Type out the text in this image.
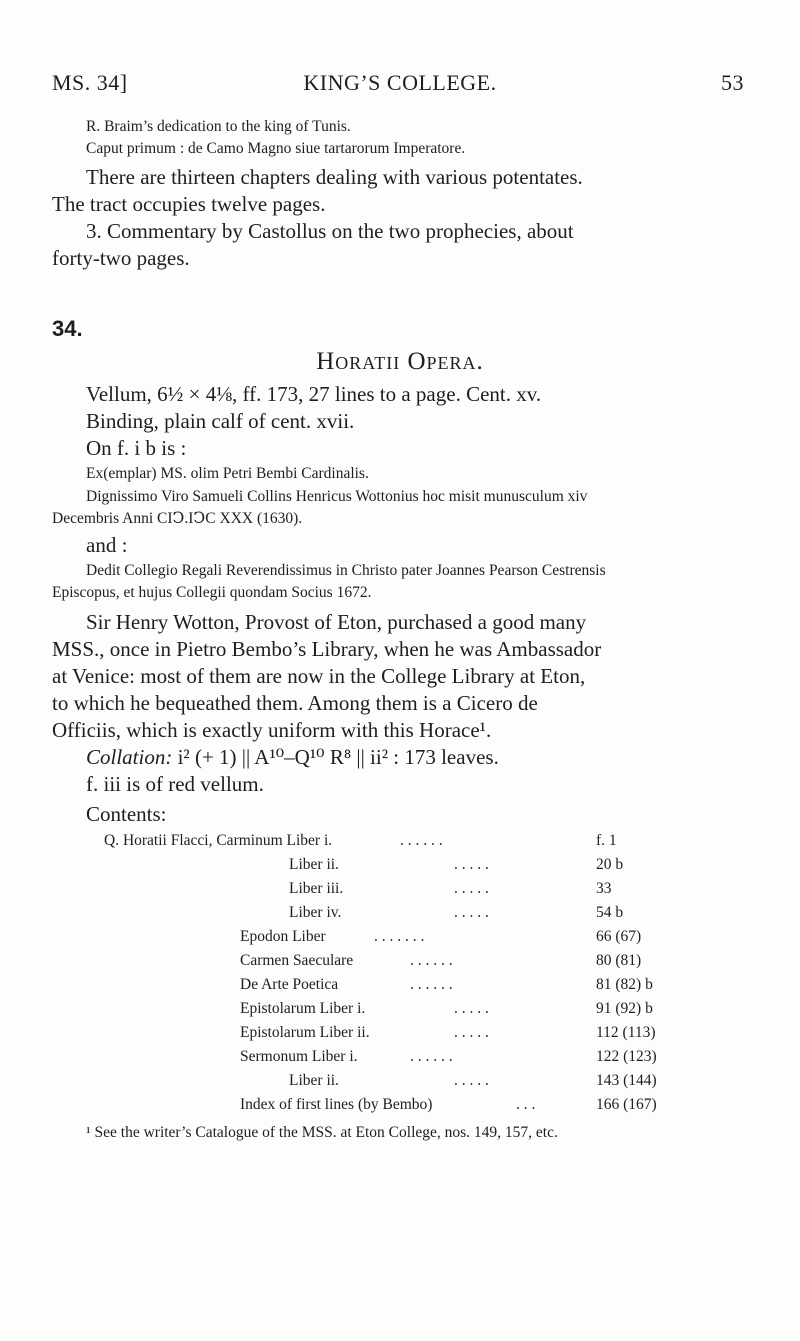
MS. 34]	KING’S COLLEGE.	53
R. Braim’s dedication to the king of Tunis.
Caput primum : de Camo Magno siue tartarorum Imperatore.
There are thirteen chapters dealing with various potentates.
The tract occupies twelve pages.
3. Commentary by Castollus on the two prophecies, about
forty-two pages.
34.
Horatii Opera.
Vellum, 6½ × 4⅛, ff. 173, 27 lines to a page. Cent. xv.
Binding, plain calf of cent. xvii.
On f. i b is :
Ex(emplar) MS. olim Petri Bembi Cardinalis.
Dignissimo Viro Samueli Collins Henricus Wottonius hoc misit munusculum xiv
Decembris Anni CIↃ.IↃC XXX (1630).
and :
Dedit Collegio Regali Reverendissimus in Christo pater Joannes Pearson Cestrensis
Episcopus, et hujus Collegii quondam Socius 1672.
Sir Henry Wotton, Provost of Eton, purchased a good many
MSS., once in Pietro Bembo’s Library, when he was Ambassador
at Venice: most of them are now in the College Library at Eton,
to which he bequeathed them. Among them is a Cicero de
Officiis, which is exactly uniform with this Horace¹.
Collation: i² (+ 1) || A¹⁰–Q¹⁰ R⁸ || ii² : 173 leaves.
f. iii is of red vellum.
Contents:
Q. Horatii Flacci, Carminum Liber i.	. . . . . .	f. 1
Liber ii.	. . . . .	20 b
Liber iii.	. . . . .	33
Liber iv.	. . . . .	54 b
Epodon Liber	. . . . . . .	66 (67)
Carmen Saeculare	. . . . . .	80 (81)
De Arte Poetica	. . . . . .	81 (82) b
Epistolarum Liber i.	. . . . .	91 (92) b
Epistolarum Liber ii.	. . . . .	112 (113)
Sermonum Liber i.	. . . . . .	122 (123)
Liber ii.	. . . . .	143 (144)
Index of first lines (by Bembo)	. . .	166 (167)
¹ See the writer’s Catalogue of the MSS. at Eton College, nos. 149, 157, etc.
